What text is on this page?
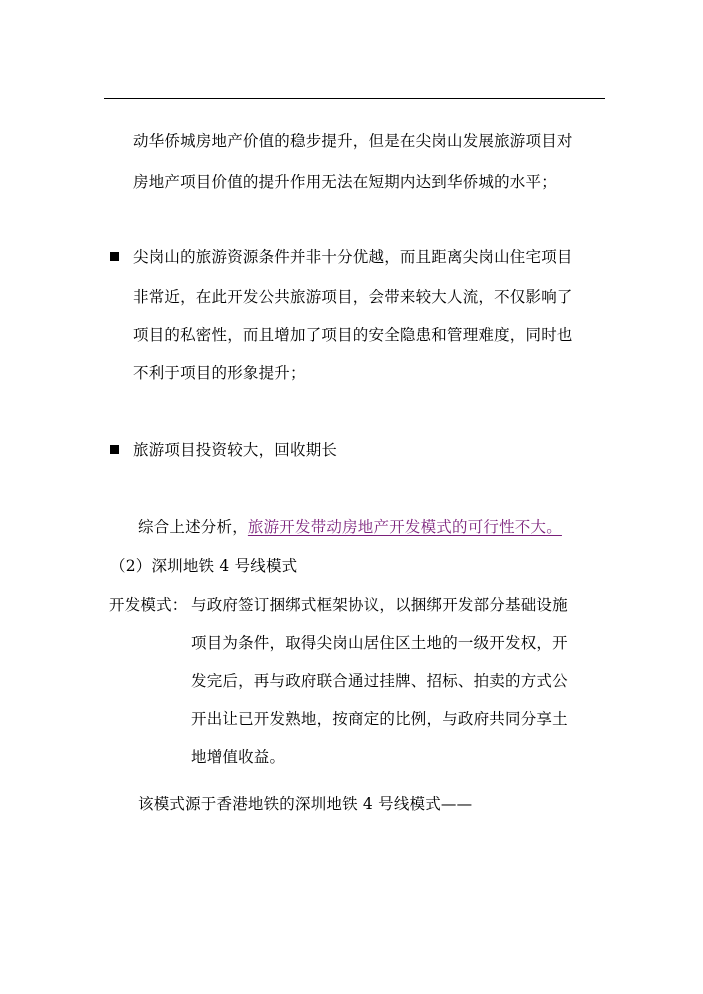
动华侨城房地产价值的稳步提升，但是在尖岗山发展旅游项目对
房地产项目价值的提升作用无法在短期内达到华侨城的水平；
尖岗山的旅游资源条件并非十分优越，而且距离尖岗山住宅项目
非常近，在此开发公共旅游项目，会带来较大人流，不仅影响了
项目的私密性，而且增加了项目的安全隐患和管理难度，同时也
不利于项目的形象提升；
旅游项目投资较大，回收期长
综合上述分析，旅游开发带动房地产开发模式的可行性不大。
（2）深圳地铁 4 号线模式
开发模式： 与政府签订捆绑式框架协议，以捆绑开发部分基础设施
项目为条件，取得尖岗山居住区土地的一级开发权，开
发完后，再与政府联合通过挂牌、招标、拍卖的方式公
开出让已开发熟地，按商定的比例，与政府共同分享土
地增值收益。
该模式源于香港地铁的深圳地铁 4 号线模式——
